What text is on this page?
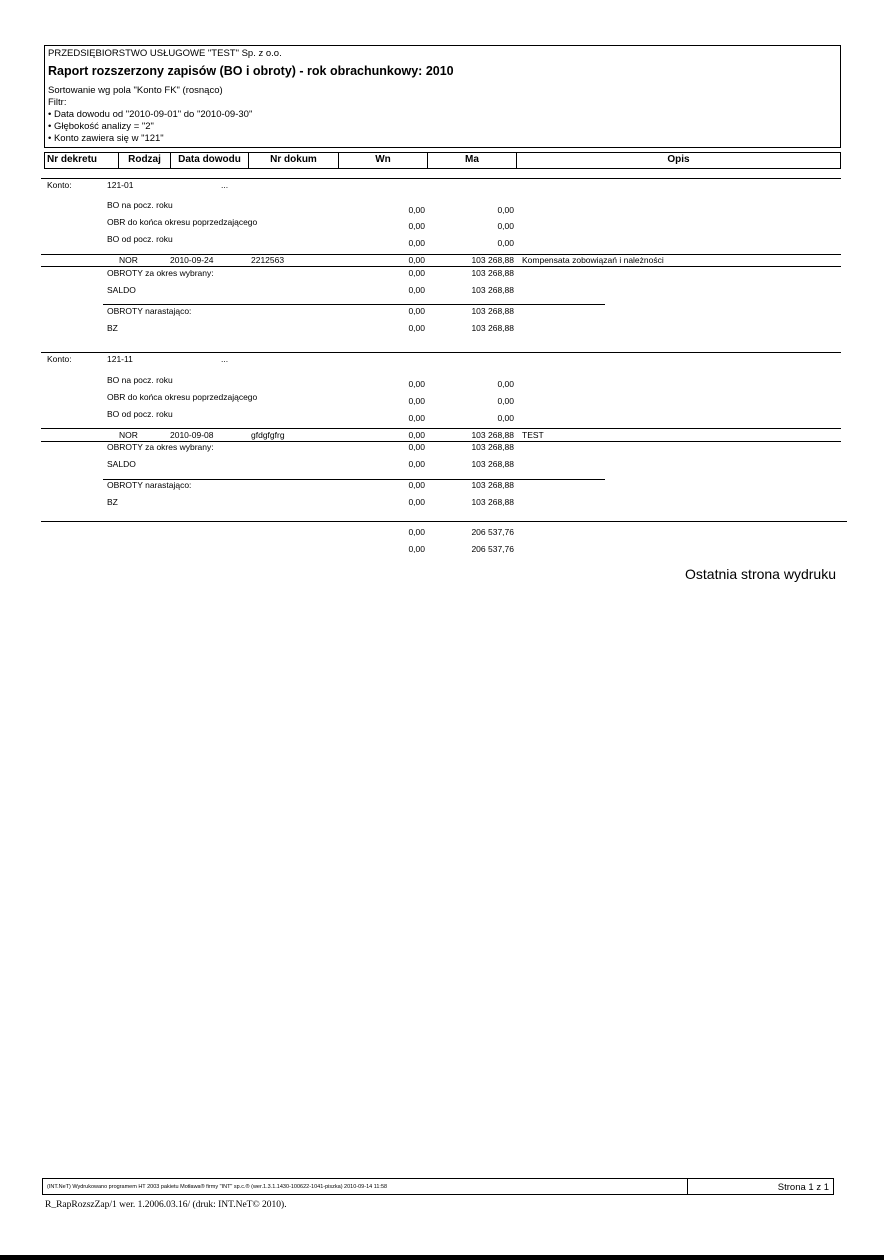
PRZEDSIĘBIORSTWO USŁUGOWE "TEST" Sp. z o.o.
Raport rozszerzony zapisów (BO i obroty) - rok obrachunkowy: 2010
Sortowanie wg pola "Konto FK" (rosnąco)
Filtr:
• Data dowodu od "2010-09-01" do "2010-09-30"
• Głębokość analizy = "2"
• Konto zawiera się w "121"
Nr dekretu	Rodzaj	Data dowodu	Nr dokum	Wn	Ma	Opis
Konto:	121-01	...
BO na pocz. roku	0,00	0,00
OBR do końca okresu poprzedzającego	0,00	0,00
BO od pocz. roku	0,00	0,00
NOR	2010-09-24	2212563	0,00	103 268,88 Kompensata zobowiązań i należności
OBROTY za okres wybrany:	0,00	103 268,88
SALDO	0,00	103 268,88
OBROTY narastająco:	0,00	103 268,88
BZ	0,00	103 268,88
Konto:	121-11	...
BO na pocz. roku	0,00	0,00
OBR do końca okresu poprzedzającego	0,00	0,00
BO od pocz. roku	0,00	0,00
NOR	2010-09-08	gfdgfgfrg	0,00	103 268,88 TEST
OBROTY za okres wybrany:	0,00	103 268,88
SALDO	0,00	103 268,88
OBROTY narastająco:	0,00	103 268,88
BZ	0,00	103 268,88
0,00	206 537,76
0,00	206 537,76
Ostatnia strona wydruku
(INT.NeT) Wydrukowano programem HT 2003 pakietu Motława® firmy "INT" sp.c.® (wer.1.3.1.1430-100622-1041-piszka) 2010-09-14 11:58	Strona 1 z 1
R_RapRozszZap/1 wer. 1.2006.03.16/ (druk: INT.NeT© 2010).
